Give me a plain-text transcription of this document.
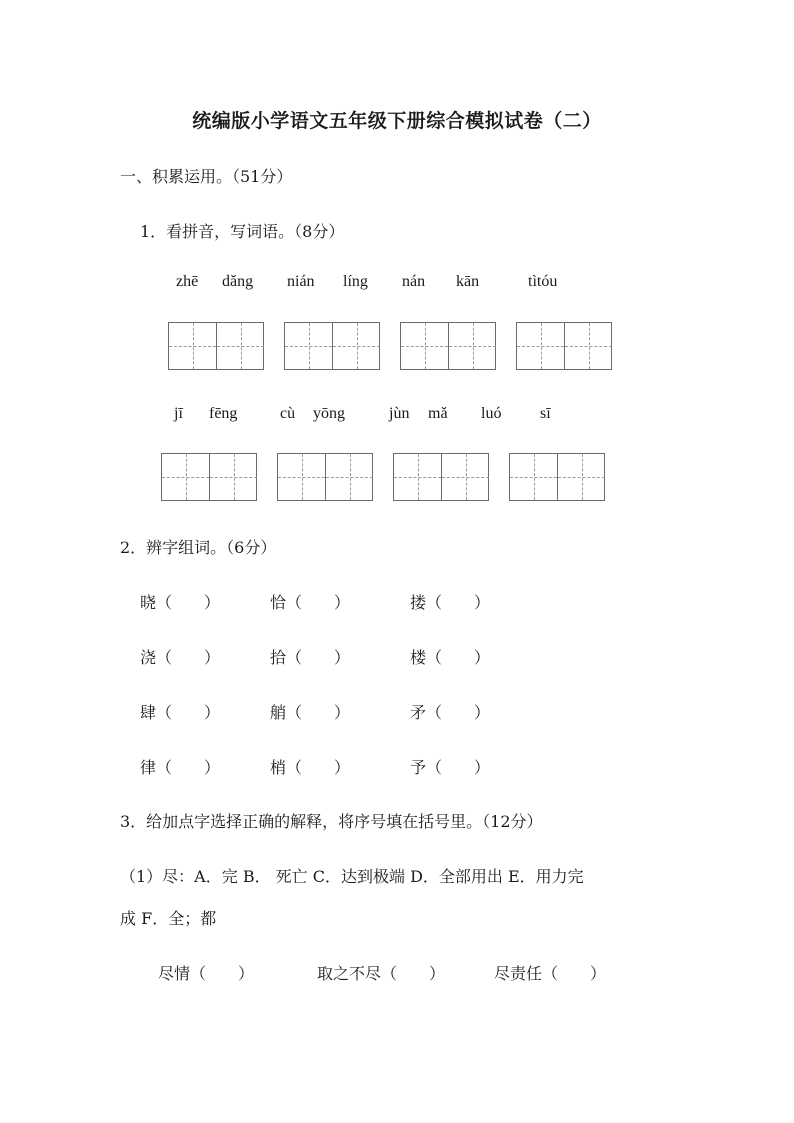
统编版小学语文五年级下册综合模拟试卷（二）
一、积累运用。（51分）
1．看拼音，写词语。（8分）
zhē dǎng nián líng nán kān	tìtóu
jī fēng	cù yōng	jùn mǎ luó sī
2．辨字组词。（6分）
晓（　　）	恰（　　）	搂（　　）
浇（　　）	拾（　　）	楼（　　）
肆（　　）	艄（　　）	矛（　　）
律（　　）	梢（　　）	予（　　）
3．给加点字选择正确的解释，将序号填在括号里。（12分）
（1）尽：A．完 B． 死亡 C．达到极端 D．全部用出 E．用力完
成 F．全；都
尽情（　　）	取之不尽（　　）	尽责任（　　）
